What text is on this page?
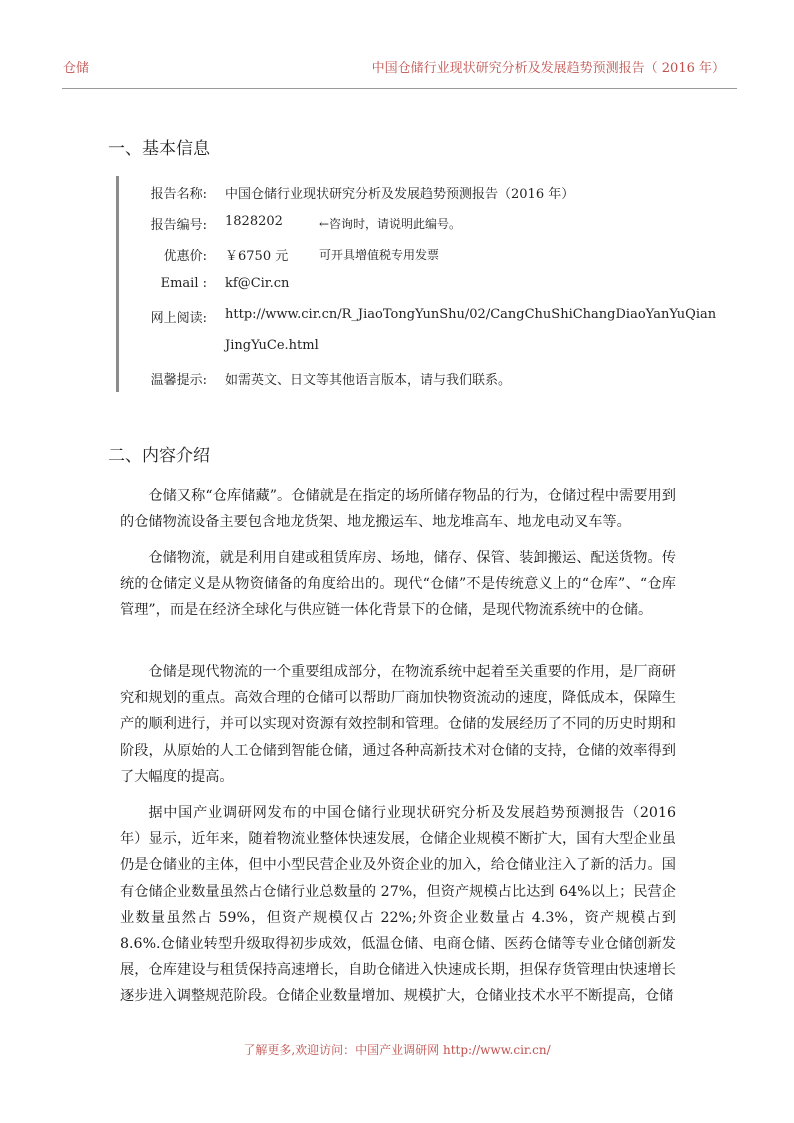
仓储	中国仓储行业现状研究分析及发展趋势预测报告（ 2016 年）
一、基本信息
报告名称: 中国仓储行业现状研究分析及发展趋势预测报告（2016 年）
报告编号: 1828202	←咨询时，请说明此编号。
优惠价: ￥6750 元	可开具增值税专用发票
Email : kf@Cir.cn
网上阅读: http://www.cir.cn/R_JiaoTongYunShu/02/CangChuShiChangDiaoYanYuQian
JingYuCe.html
温馨提示: 如需英文、日文等其他语言版本，请与我们联系。
二、内容介绍

仓储又称“仓库储藏”。仓储就是在指定的场所储存物品的行为，仓储过程中需要用到的仓储物流设备主要包含地龙货架、地龙搬运车、地龙堆高车、地龙电动叉车等。

仓储物流，就是利用自建或租赁库房、场地，储存、保管、装卸搬运、配送货物。传统的仓储定义是从物资储备的角度给出的。现代“仓储”不是传统意义上的“仓库”、“仓库管理”，而是在经济全球化与供应链一体化背景下的仓储，是现代物流系统中的仓储。

仓储是现代物流的一个重要组成部分，在物流系统中起着至关重要的作用，是厂商研究和规划的重点。高效合理的仓储可以帮助厂商加快物资流动的速度，降低成本，保障生产的顺利进行，并可以实现对资源有效控制和管理。仓储的发展经历了不同的历史时期和阶段，从原始的人工仓储到智能仓储，通过各种高新技术对仓储的支持，仓储的效率得到了大幅度的提高。

据中国产业调研网发布的中国仓储行业现状研究分析及发展趋势预测报告（2016 年）显示，近年来，随着物流业整体快速发展，仓储企业规模不断扩大，国有大型企业虽仍是仓储业的主体，但中小型民营企业及外资企业的加入，给仓储业注入了新的活力。国有仓储企业数量虽然占仓储行业总数量的 27%，但资产规模占比达到 64%以上；民营企业数量虽然占 59%，但资产规模仅占 22%;外资企业数量占 4.3%，资产规模占到 8.6%.仓储业转型升级取得初步成效，低温仓储、电商仓储、医药仓储等专业仓储创新发展，仓库建设与租赁保持高速增长，自助仓储进入快速成长期，担保存货管理由快速增长逐步进入调整规范阶段。仓储企业数量增加、规模扩大，仓储业技术水平不断提高，仓储

了解更多,欢迎访问：中国产业调研网 http://www.cir.cn/
